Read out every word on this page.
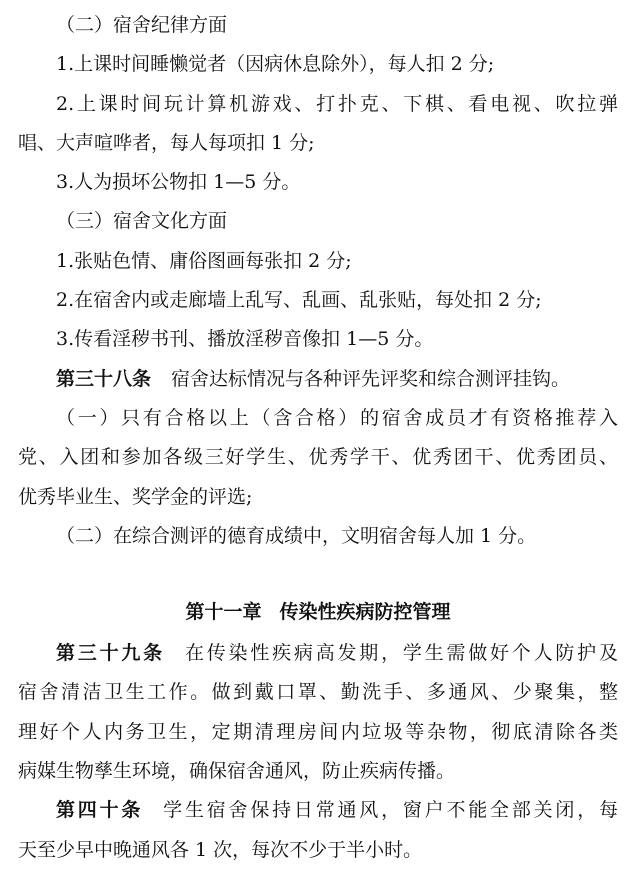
（二）宿舍纪律方面
1.上课时间睡懒觉者（因病休息除外），每人扣 2 分;
2.上课时间玩计算机游戏、打扑克、下棋、看电视、吹拉弹
唱、大声喧哗者，每人每项扣 1 分;
3.人为损坏公物扣 1—5 分。
（三）宿舍文化方面
1.张贴色情、庸俗图画每张扣 2 分;
2.在宿舍内或走廊墙上乱写、乱画、乱张贴，每处扣 2 分;
3.传看淫秽书刊、播放淫秽音像扣 1—5 分。
第三十八条 宿舍达标情况与各种评先评奖和综合测评挂钩。
（一）只有合格以上（含合格）的宿舍成员才有资格推荐入
党、入团和参加各级三好学生、优秀学干、优秀团干、优秀团员、
优秀毕业生、奖学金的评选;
（二）在综合测评的德育成绩中，文明宿舍每人加 1 分。
第十一章 传染性疾病防控管理
第三十九条 在传染性疾病高发期，学生需做好个人防护及
宿舍清洁卫生工作。做到戴口罩、勤洗手、多通风、少聚集，整
理好个人内务卫生，定期清理房间内垃圾等杂物，彻底清除各类
病媒生物孳生环境，确保宿舍通风，防止疾病传播。
第四十条 学生宿舍保持日常通风，窗户不能全部关闭，每
天至少早中晚通风各 1 次，每次不少于半小时。
